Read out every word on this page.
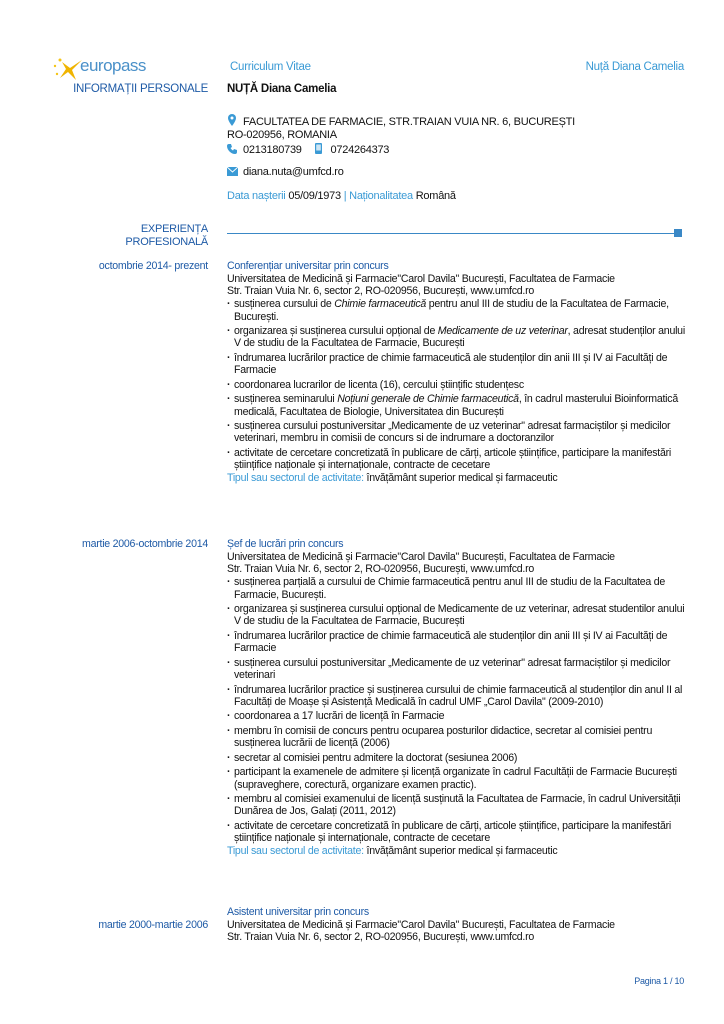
europass	Curriculum Vitae	Nuță Diana Camelia
INFORMAȚII PERSONALE NUȚĂ Diana Camelia
FACULTATEA DE FARMACIE, STR.TRAIAN VUIA NR. 6, BUCUREȘTI
RO-020956, ROMANIA
0213180739	0724264373
diana.nuta@umfcd.ro
Data nașterii 05/09/1973 | Naționalitatea Română
EXPERIENȚA
PROFESIONALĂ
octombrie 2014- prezent Conferențiar universitar prin concurs
Universitatea de Medicină și Farmacie"Carol Davila" București, Facultatea de Farmacie
Str. Traian Vuia Nr. 6, sector 2, RO-020956, București, www.umfcd.ro
· susținerea cursului de Chimie farmaceutică pentru anul III de studiu de la Facultatea de Farmacie, București.
· organizarea și susținerea cursului opțional de Medicamente de uz veterinar, adresat studenților anului V de studiu de la Facultatea de Farmacie, București
· îndrumarea lucrărilor practice de chimie farmaceutică ale studenților din anii III și IV ai Facultăți de Farmacie
· coordonarea lucrarilor de licenta (16), cercului științific studențesc
· susținerea seminarului Noțiuni generale de Chimie farmaceutică, în cadrul masterului Bioinformatică medicală, Facultatea de Biologie, Universitatea din București
· susținerea cursului postuniversitar „Medicamente de uz veterinar" adresat farmaciștilor și medicilor veterinari, membru in comisii de concurs si de indrumare a doctoranzilor
· activitate de cercetare concretizată în publicare de cărți, articole științifice, participare la manifestări științifice naționale și internaționale, contracte de cecetare
Tipul sau sectorul de activitate: învățământ superior medical și farmaceutic
martie 2006-octombrie 2014 Șef de lucrări prin concurs
Universitatea de Medicină și Farmacie"Carol Davila" București, Facultatea de Farmacie
Str. Traian Vuia Nr. 6, sector 2, RO-020956, București, www.umfcd.ro
· susținerea parțială a cursului de Chimie farmaceutică pentru anul III de studiu de la Facultatea de Farmacie, București.
· organizarea și susținerea cursului opțional de Medicamente de uz veterinar, adresat studentilor anului V de studiu de la Facultatea de Farmacie, București
· îndrumarea lucrărilor practice de chimie farmaceutică ale studenților din anii III și IV ai Facultăți de Farmacie
· susținerea cursului postuniversitar „Medicamente de uz veterinar" adresat farmaciștilor și medicilor veterinari
· îndrumarea lucrărilor practice și susținerea cursului de chimie farmaceutică al studenților din anul II al Facultăți de Moașe și Asistență Medicală în cadrul UMF „Carol Davila" (2009-2010)
· coordonarea a 17 lucrări de licență în Farmacie
· membru în comisii de concurs pentru ocuparea posturilor didactice, secretar al comisiei pentru susținerea lucrării de licență (2006)
· secretar al comisiei pentru admitere la doctorat (sesiunea 2006)
· participant la examenele de admitere și licență organizate în cadrul Facultății de Farmacie București (supraveghere, corectură, organizare examen practic).
· membru al comisiei examenului de licență susținută la Facultatea de Farmacie, în cadrul Universității Dunărea de Jos, Galați (2011, 2012)
· activitate de cercetare concretizată în publicare de cărți, articole științifice, participare la manifestări științifice naționale și internaționale, contracte de cecetare
Tipul sau sectorul de activitate: învățământ superior medical și farmaceutic
martie 2000-martie 2006
Asistent universitar prin concurs
Universitatea de Medicină și Farmacie"Carol Davila" București, Facultatea de Farmacie
Str. Traian Vuia Nr. 6, sector 2, RO-020956, București, www.umfcd.ro
Pagina 1 / 10
